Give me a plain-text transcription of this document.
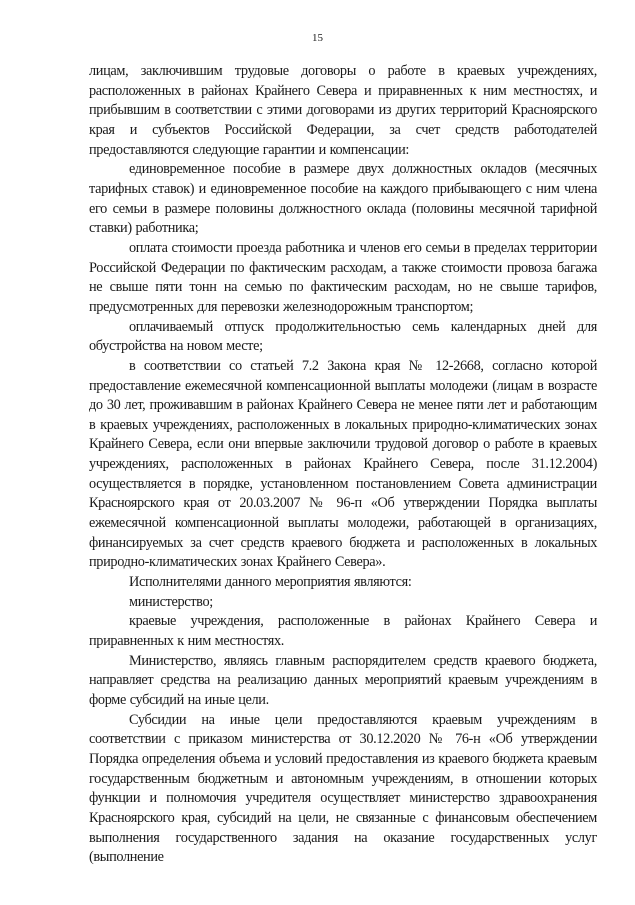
15

лицам, заключившим трудовые договоры о работе в краевых учреждениях, расположенных в районах Крайнего Севера и приравненных к ним местностях, и прибывшим в соответствии с этими договорами из других территорий Красноярского края и субъектов Российской Федерации, за счет средств работодателей предоставляются следующие гарантии и компенсации:

единовременное пособие в размере двух должностных окладов (месячных тарифных ставок) и единовременное пособие на каждого прибывающего с ним члена его семьи в размере половины должностного оклада (половины месячной тарифной ставки) работника;

оплата стоимости проезда работника и членов его семьи в пределах территории Российской Федерации по фактическим расходам, а также стоимости провоза багажа не свыше пяти тонн на семью по фактическим расходам, но не свыше тарифов, предусмотренных для перевозки железнодорожным транспортом;

оплачиваемый отпуск продолжительностью семь календарных дней для обустройства на новом месте;

в соответствии со статьей 7.2 Закона края № 12-2668, согласно которой предоставление ежемесячной компенсационной выплаты молодежи (лицам в возрасте до 30 лет, проживавшим в районах Крайнего Севера не менее пяти лет и работающим в краевых учреждениях, расположенных в локальных природно-климатических зонах Крайнего Севера, если они впервые заключили трудовой договор о работе в краевых учреждениях, расположенных в районах Крайнего Севера, после 31.12.2004) осуществляется в порядке, установленном постановлением Совета администрации Красноярского края от 20.03.2007 № 96-п «Об утверждении Порядка выплаты ежемесячной компенсационной выплаты молодежи, работающей в организациях, финансируемых за счет средств краевого бюджета и расположенных в локальных природно-климатических зонах Крайнего Севера».

Исполнителями данного мероприятия являются:

министерство;

краевые учреждения, расположенные в районах Крайнего Севера и приравненных к ним местностях.

Министерство, являясь главным распорядителем средств краевого бюджета, направляет средства на реализацию данных мероприятий краевым учреждениям в форме субсидий на иные цели.

Субсидии на иные цели предоставляются краевым учреждениям в соответствии с приказом министерства от 30.12.2020 № 76-н «Об утверждении Порядка определения объема и условий предоставления из краевого бюджета краевым государственным бюджетным и автономным учреждениям, в отношении которых функции и полномочия учредителя осуществляет министерство здравоохранения Красноярского края, субсидий на цели, не связанные с финансовым обеспечением выполнения государственного задания на оказание государственных услуг (выполнение
